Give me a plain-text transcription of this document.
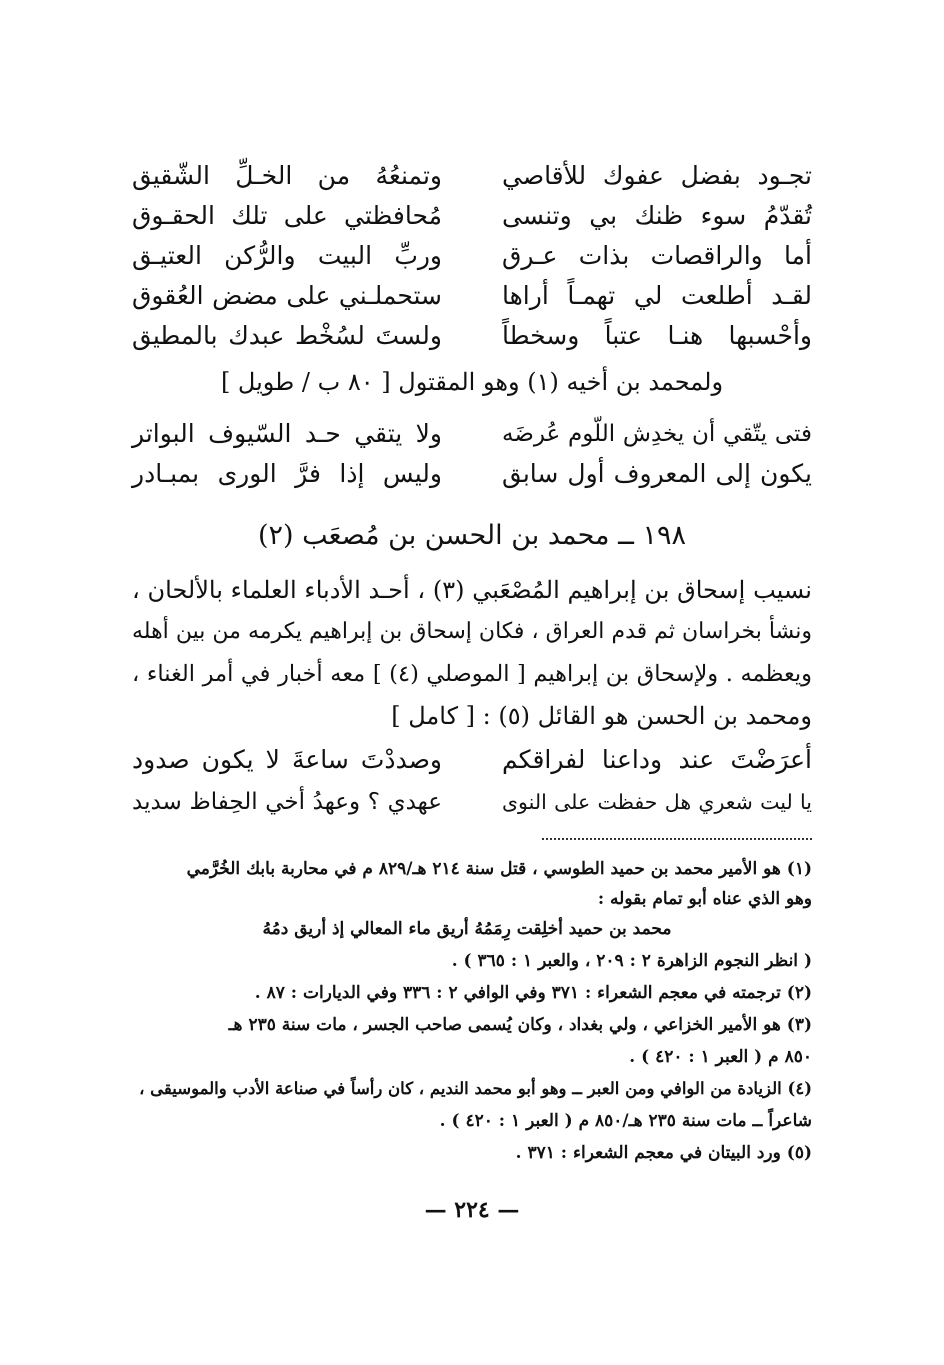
تجـود بفضل عفوك للأقاصي
وتمنعُهُ من الخـلِّ الشّقيق
تُقدّمُ سوء ظنك بي وتنسى
مُحافظتي على تلك الحقـوق
أما والراقصات بذات عـرق
وربِّ البيت والرُّكن العتيـق
لقـد أطلعت لي تهمـاً أراها
ستحملـني على مضض العُقوق
وأحْسبها هنـا عتباً وسخطاً
ولستَ لسُخْط عبدك بالمطيق
ولمحمد بن أخيه (١) وهو المقتول [ ٨٠ ب / طويل ]
فتى يتّقي أن يخدِش اللّوم عُرضَه
ولا يتقي حـد السّيوف البواتر
يكون إلى المعروف أول سابق
وليس إذا فرَّ الورى بمبـادر
١٩٨ ــ محمد بن الحسن بن مُصعَب (٢)
نسيب إسحاق بن إبراهيم المُصْعَبي (٣) ، أحـد الأدباء العلماء بالألحان ،
ونشأ بخراسان ثم قدم العراق ، فكان إسحاق بن إبراهيم يكرمه من بين أهله
ويعظمه . ولإسحاق بن إبراهيم [ الموصلي (٤) ] معه أخبار في أمر الغناء ،
ومحمد بن الحسن هو القائل (٥) : [ كامل ]
أعرَضْتَ عند وداعنا لفراقكم
وصددْتَ ساعةَ لا يكون صدود
يا ليت شعري هل حفظت على النوى
عهدي ؟ وعهدُ أخي الحِفاظ سديد
(١) هو الأمير محمد بن حميد الطوسي ، قتل سنة ٢١٤ هـ/٨٢٩ م في محاربة بابك الخُرَّمي
وهو الذي عناه أبو تمام بقوله :
محمد بن حميد أخلِقت رِمَمُهُ أريق ماء المعالي إذ أريق دمُهُ
( انظر النجوم الزاهرة ٢ : ٢٠٩ ، والعبر ١ : ٣٦٥ ) .
(٢) ترجمته في معجم الشعراء : ٣٧١ وفي الوافي ٢ : ٣٣٦ وفي الديارات : ٨٧ .
(٣) هو الأمير الخزاعي ، ولي بغداد ، وكان يُسمى صاحب الجسر ، مات سنة ٢٣٥ هـ
٨٥٠ م ( العبر ١ : ٤٢٠ ) .
(٤) الزيادة من الوافي ومن العبر ــ وهو أبو محمد النديم ، كان رأساً في صناعة الأدب والموسيقى ،
شاعراً ــ مات سنة ٢٣٥ هـ/٨٥٠ م ( العبر ١ : ٤٢٠ ) .
(٥) ورد البيتان في معجم الشعراء : ٣٧١ .
— ٢٢٤ —
